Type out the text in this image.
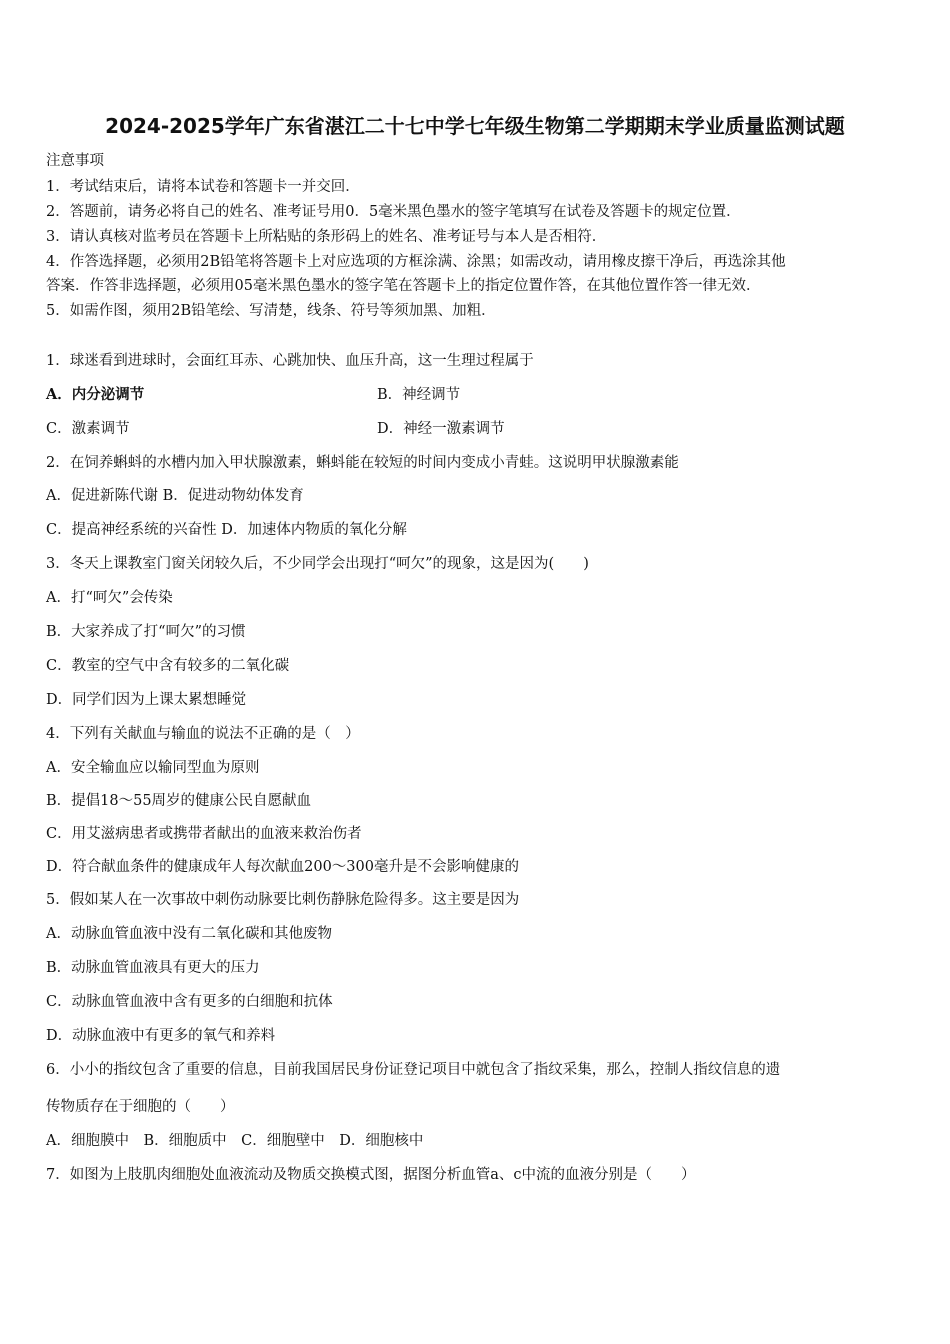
2024-2025学年广东省湛江二十七中学七年级生物第二学期期末学业质量监测试题
注意事项
1．考试结束后，请将本试卷和答题卡一并交回．
2．答题前，请务必将自己的姓名、准考证号用0．5毫米黑色墨水的签字笔填写在试卷及答题卡的规定位置．
3．请认真核对监考员在答题卡上所粘贴的条形码上的姓名、准考证号与本人是否相符．
4．作答选择题，必须用2B铅笔将答题卡上对应选项的方框涂满、涂黑；如需改动，请用橡皮擦干净后，再选涂其他
答案．作答非选择题，必须用05毫米黑色墨水的签字笔在答题卡上的指定位置作答，在其他位置作答一律无效．
5．如需作图，须用2B铅笔绘、写清楚，线条、符号等须加黑、加粗．
1．球迷看到进球时，会面红耳赤、心跳加快、血压升高，这一生理过程属于
A．内分泌调节	B．神经调节
C．激素调节	D．神经一激素调节
2．在饲养蝌蚪的水槽内加入甲状腺激素，蝌蚪能在较短的时间内变成小青蛙。这说明甲状腺激素能
A．促进新陈代谢 B．促进动物幼体发育
C．提高神经系统的兴奋性 D．加速体内物质的氧化分解
3．冬天上课教室门窗关闭较久后，不少同学会出现打“呵欠”的现象，这是因为(　　)
A．打“呵欠”会传染
B．大家养成了打“呵欠”的习惯
C．教室的空气中含有较多的二氧化碳
D．同学们因为上课太累想睡觉
4．下列有关献血与输血的说法不正确的是（　）
A．安全输血应以输同型血为原则
B．提倡18～55周岁的健康公民自愿献血
C．用艾滋病患者或携带者献出的血液来救治伤者
D．符合献血条件的健康成年人每次献血200～300毫升是不会影响健康的
5．假如某人在一次事故中刺伤动脉要比刺伤静脉危险得多。这主要是因为
A．动脉血管血液中没有二氧化碳和其他废物
B．动脉血管血液具有更大的压力
C．动脉血管血液中含有更多的白细胞和抗体
D．动脉血液中有更多的氧气和养料
6．小小的指纹包含了重要的信息，目前我国居民身份证登记项目中就包含了指纹采集，那么，控制人指纹信息的遗
传物质存在于细胞的（　　）
A．细胞膜中　B．细胞质中　C．细胞壁中　D．细胞核中
7．如图为上肢肌肉细胞处血液流动及物质交换模式图，据图分析血管a、c中流的血液分别是（　　）
